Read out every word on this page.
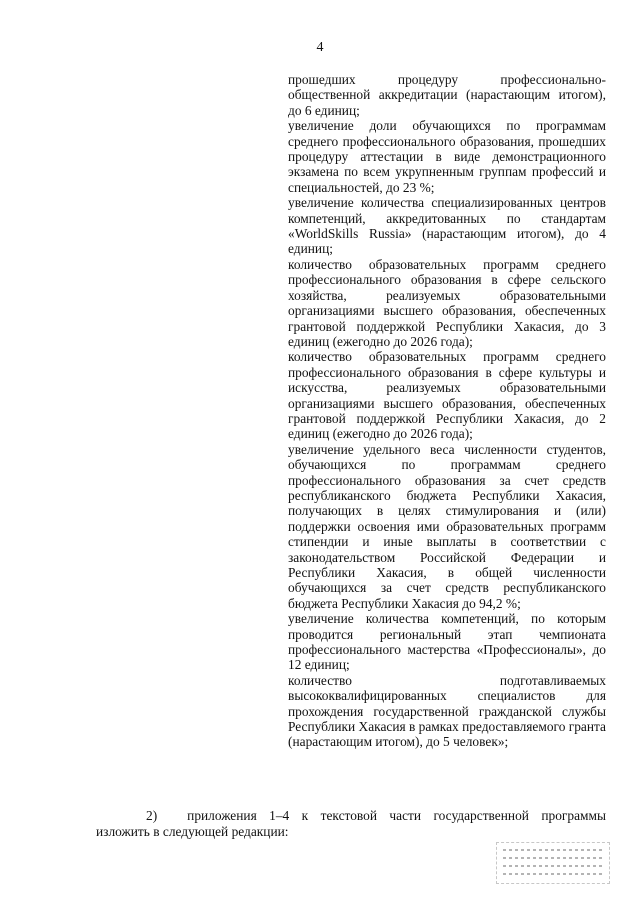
4

прошедших процедуру профессионально-общественной аккредитации (нарастающим итогом), до 6 единиц;

увеличение доли обучающихся по программам среднего профессионального образования, прошедших процедуру аттестации в виде демонстрационного экзамена по всем укрупненным группам профессий и специальностей, до 23 %;

увеличение количества специализированных центров компетенций, аккредитованных по стандартам «WorldSkills Russia» (нарастающим итогом), до 4 единиц;

количество образовательных программ среднего профессионального образования в сфере сельского хозяйства, реализуемых образовательными организациями высшего образования, обеспеченных грантовой поддержкой Республики Хакасия, до 3 единиц (ежегодно до 2026 года);

количество образовательных программ среднего профессионального образования в сфере культуры и искусства, реализуемых образовательными организациями высшего образования, обеспеченных грантовой поддержкой Республики Хакасия, до 2 единиц (ежегодно до 2026 года);

увеличение удельного веса численности студентов, обучающихся по программам среднего профессионального образования за счет средств республиканского бюджета Республики Хакасия, получающих в целях стимулирования и (или) поддержки освоения ими образовательных программ стипендии и иные выплаты в соответствии с законодательством Российской Федерации и Республики Хакасия, в общей численности обучающихся за счет средств республиканского бюджета Республики Хакасия до 94,2 %;

увеличение количества компетенций, по которым проводится региональный этап чемпионата профессионального мастерства «Профессионалы», до 12 единиц;

количество подготавливаемых высококвалифицированных специалистов для прохождения государственной гражданской службы Республики Хакасия в рамках предоставляемого гранта (нарастающим итогом), до 5 человек»;

2) приложения 1–4 к текстовой части государственной программы изложить в следующей редакции:
